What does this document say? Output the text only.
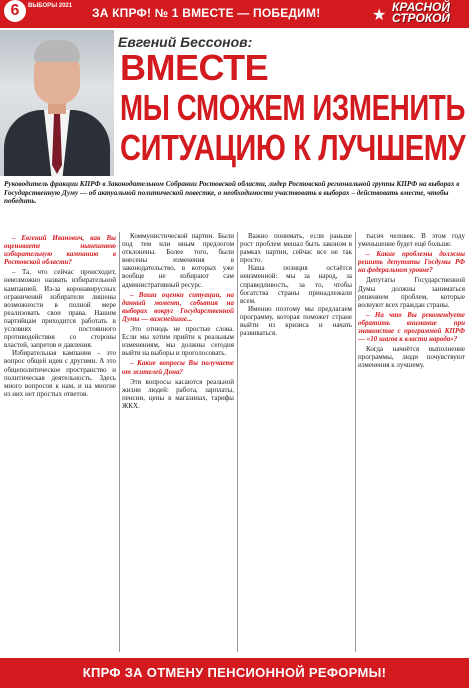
6	ВЫБОРЫ 2021 ЗА КПРФ! № 1 ВМЕСТЕ — ПОБЕДИМ!	★ КРАСНОЙ
СТРОКОЙ
Евгений Бессонов:
ВМЕСТЕ
МЫ СМОЖЕМ ИЗМЕНИТЬ
СИТУАЦИЮ К ЛУЧШЕМУ
Руководитель фракции КПРФ в Законодательном Собрании Ростовской области, лидер Ростовской региональной группы КПРФ на выборах в Государственную Думу — об актуальной политической повестке, о необходимости участвовать в выборах – действовать вместе, чтобы победить.

– Евгений Иванович, как Вы оцениваете нынешнюю избирательную кампанию в Ростовской области?

– Та, что сейчас происходит, невозможно назвать избирательной кампанией. Из-за коронавирусных ограничений избиратели лишены возможности в полной мере реализовать свои права. Нашим партийцам приходится работать в условиях постоянного противодействия со стороны властей, запретов и давления.

Избирательная кампания – это вопрос общей идеи с другими. А это общеполитическое пространство и политическая деятельность. Здесь много вопросов к нам, и на многие из них нет простых ответов.

Коммунистической партии. Были под тем или иным предлогом отклонены. Более того, были внесены изменения в законодательство, в которых уже вообще не избирают сам административный ресурс.

– Ваши оценки ситуации, на данный момент, события на выборах вокруг Государственной Думы — важнейшие...

Это отнюдь не простые слова. Если мы хотим прийти к реальным изменениям, мы должны сегодня выйти на выборы и проголосовать.

– Какие вопросы Вы получаете от жителей Дона?

Эти вопросы касаются реальной жизни людей: работа, зарплаты, пенсии, цены в магазинах, тарифы ЖКХ.

Важно понимать, если раньше рост проблем мешал быть законом в рамках партии, сейчас все не так просто.

Наша позиция остаётся неизменной: мы за народ, за справедливость, за то, чтобы богатства страны принадлежали всем.

Именно поэтому мы предлагаем программу, которая поможет стране выйти из кризиса и начать развиваться.

тысяч человек. В этом году уменьшение будет ещё больше.

– Какие проблемы должны решить депутаты Госдумы РФ на федеральном уровне?

Депутаты Государственной Думы должны заниматься решением проблем, которые волнуют всех граждан страны.

– На что Вы рекомендуете обратить внимание при знакомстве с программой КПРФ — «10 шагов к власти народа»?

Когда начнётся выполнение программы, люди почувствуют изменения к лучшему.

КПРФ ЗА ОТМЕНУ ПЕНСИОННОЙ РЕФОРМЫ!
